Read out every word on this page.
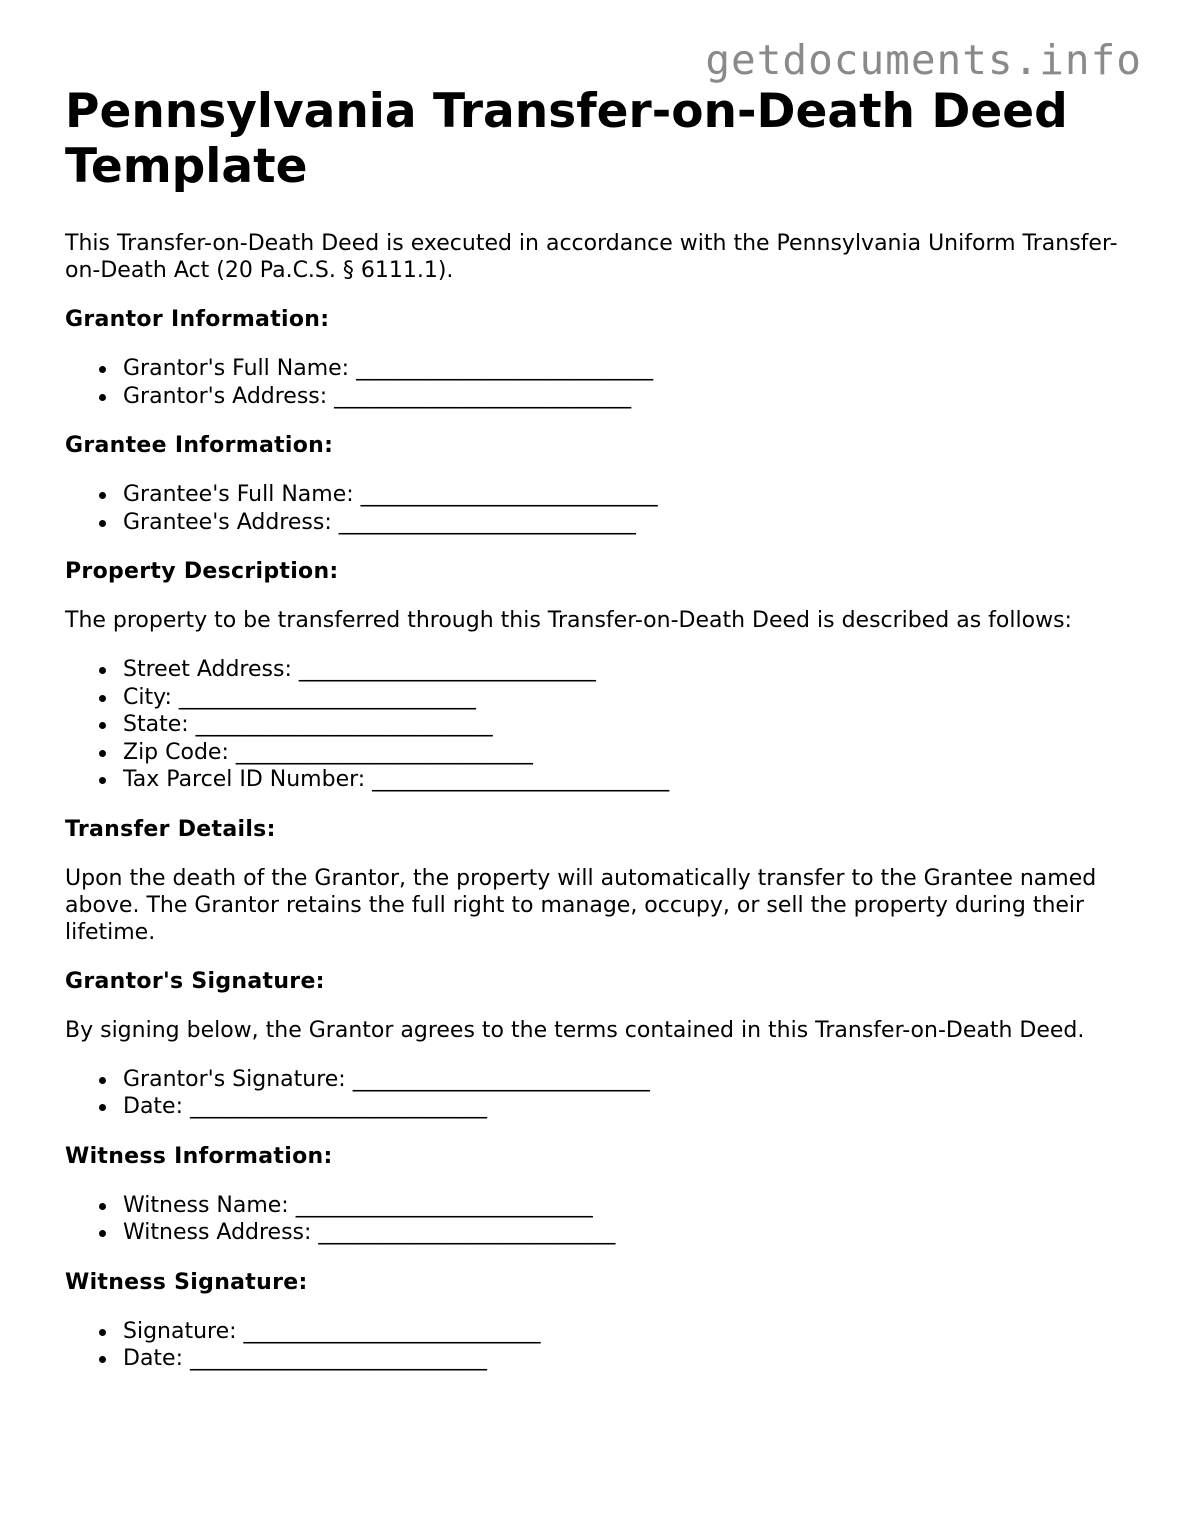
getdocuments.info
Pennsylvania Transfer-on-Death Deed Template

This Transfer-on-Death Deed is executed in accordance with the Pennsylvania Uniform Transfer-on-Death Act (20 Pa.C.S. § 6111.1).

Grantor Information:
Grantor's Full Name: ___________________________
Grantor's Address: ___________________________
Grantee Information:
Grantee's Full Name: ___________________________
Grantee's Address: ___________________________
Property Description:

The property to be transferred through this Transfer-on-Death Deed is described as follows:

Street Address: ___________________________
City: ___________________________
State: ___________________________
Zip Code: ___________________________
Tax Parcel ID Number: ___________________________
Transfer Details:

Upon the death of the Grantor, the property will automatically transfer to the Grantee named above. The Grantor retains the full right to manage, occupy, or sell the property during their lifetime.

Grantor's Signature:

By signing below, the Grantor agrees to the terms contained in this Transfer-on-Death Deed.

Grantor's Signature: ___________________________
Date: ___________________________
Witness Information:
Witness Name: ___________________________
Witness Address: ___________________________
Witness Signature:
Signature: ___________________________
Date: ___________________________
